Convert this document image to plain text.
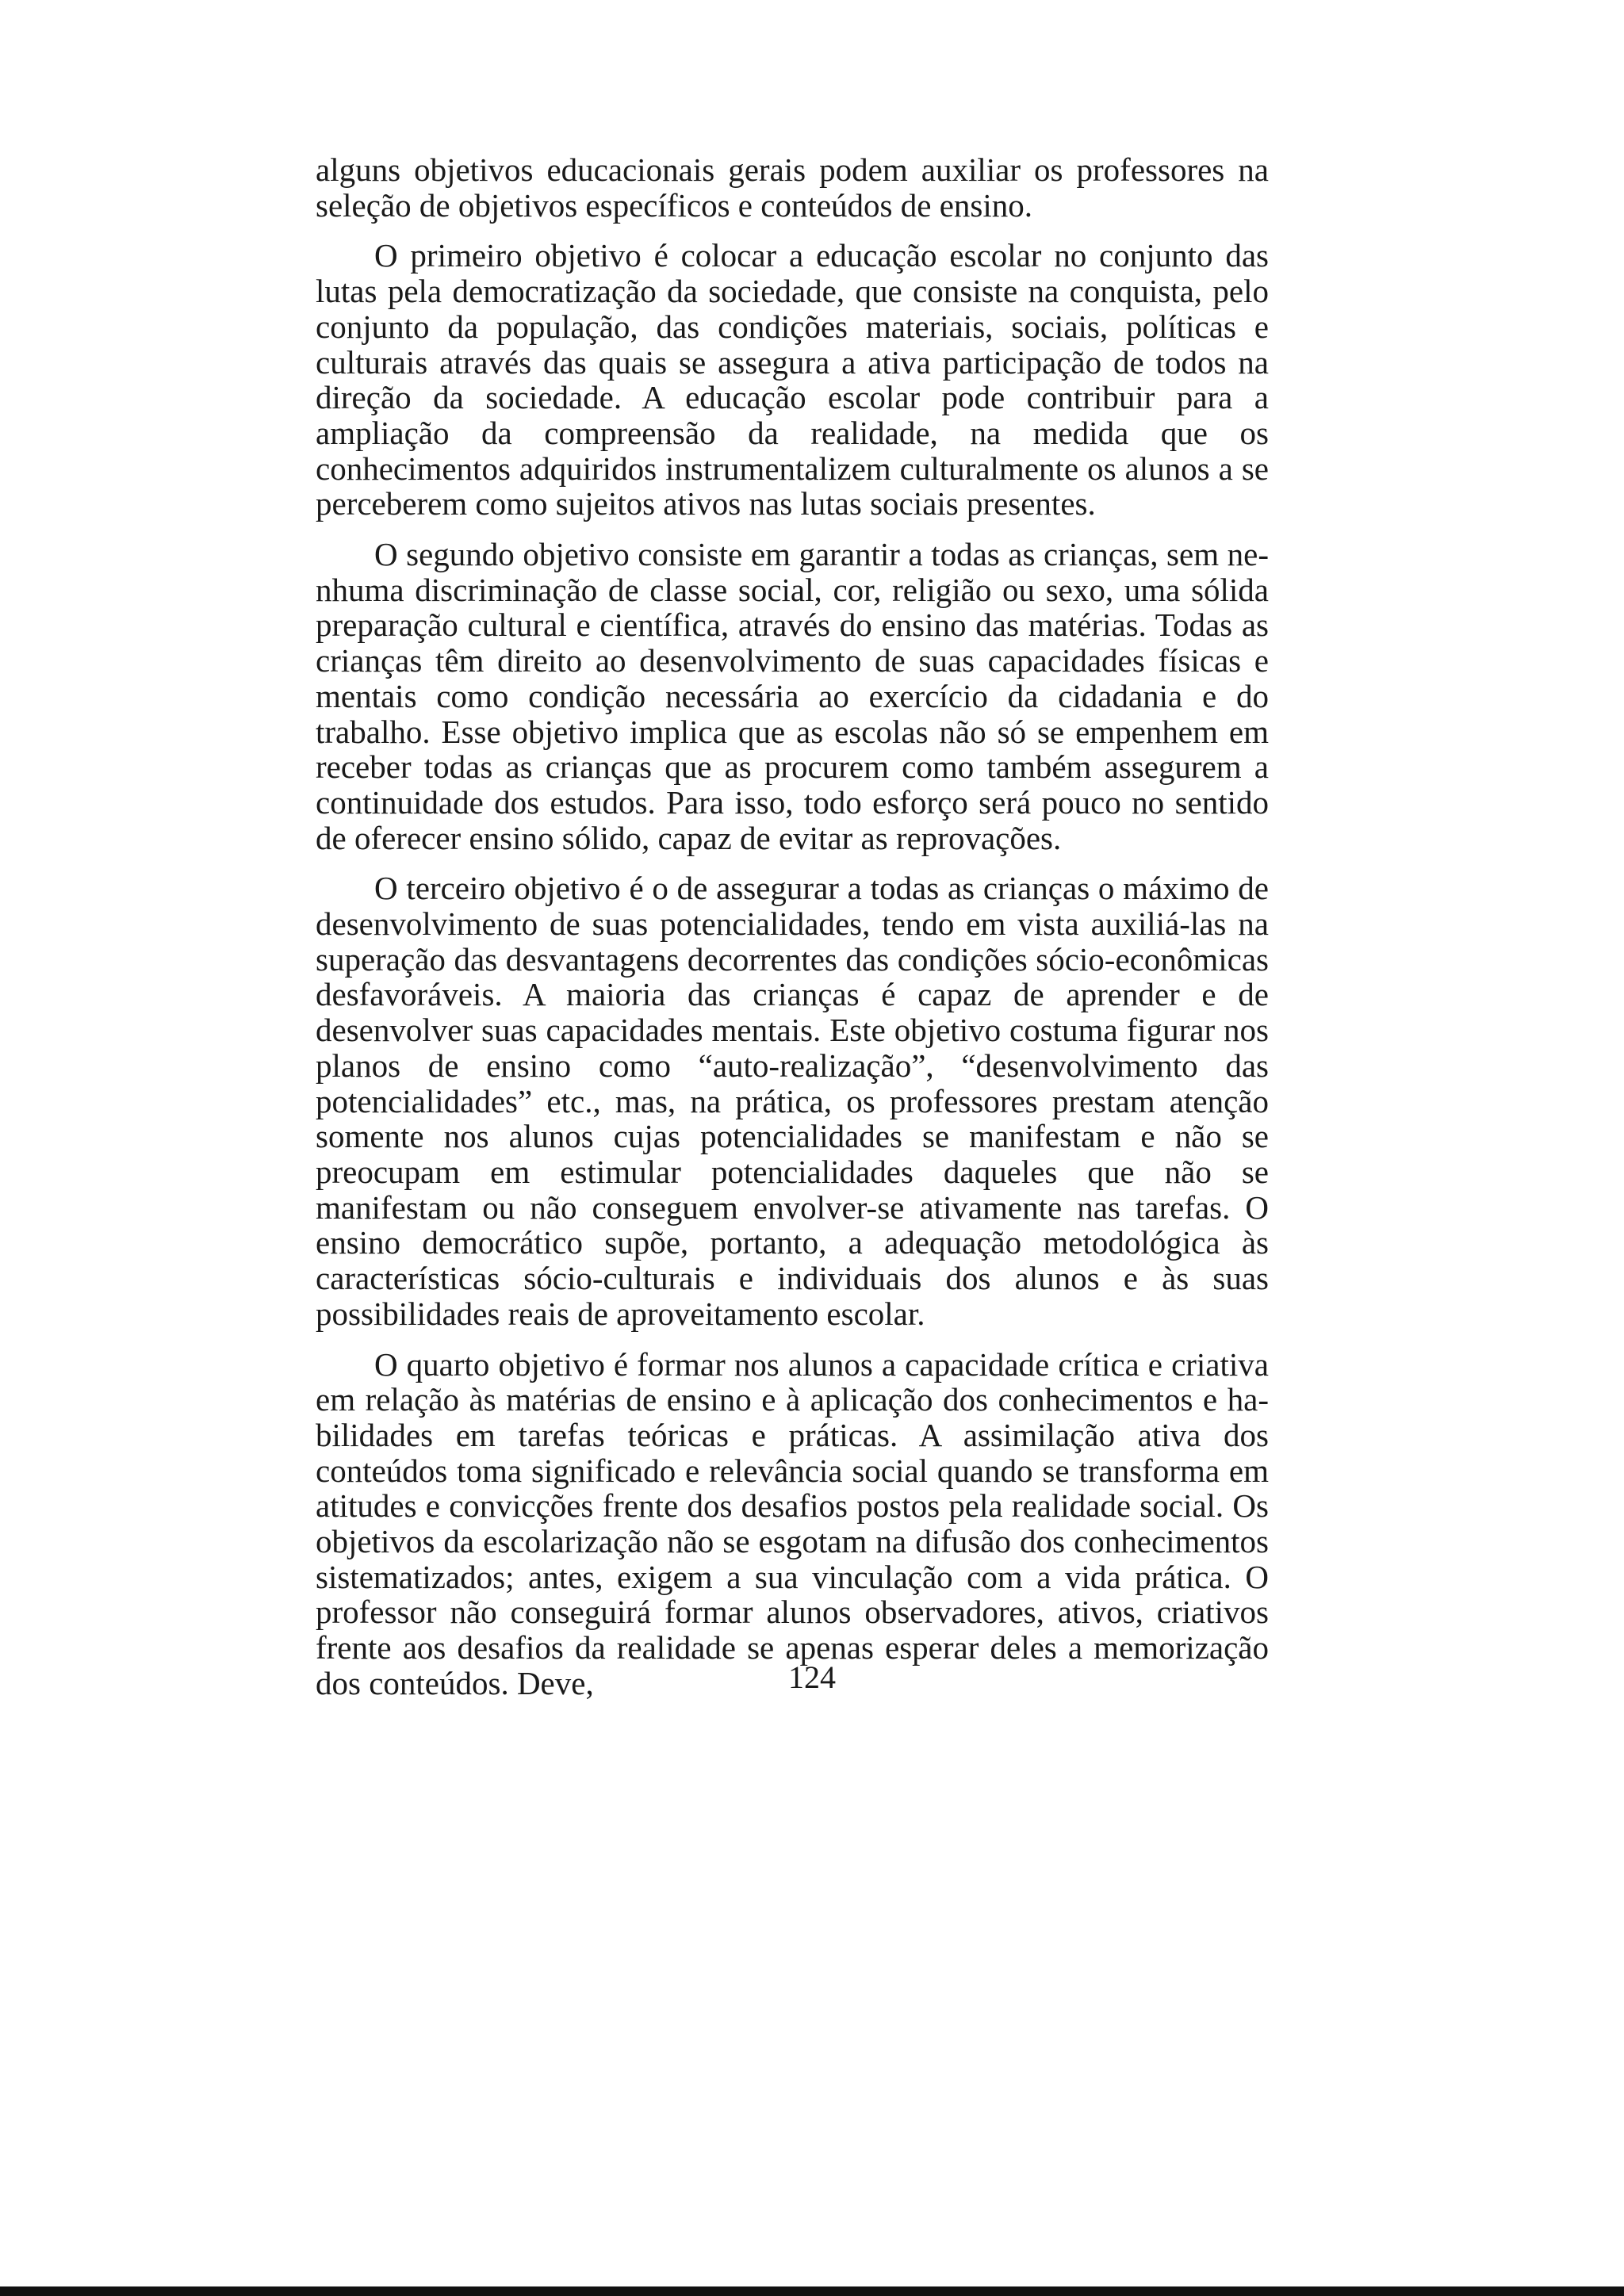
alguns objetivos educacionais gerais podem auxiliar os professores na seleção de objetivos específicos e conteúdos de ensino.

O primeiro objetivo é colocar a educação escolar no conjunto das lutas pela democratização da sociedade, que consiste na conquista, pelo conjunto da população, das condições materiais, sociais, políticas e culturais através das quais se assegura a ativa participação de todos na direção da sociedade. A educação escolar pode contribuir para a ampliação da compreensão da realidade, na medida que os conhecimentos adquiridos instrumentalizem culturalmente os alunos a se perceberem como sujeitos ativos nas lutas sociais presentes.

O segundo objetivo consiste em garantir a todas as crianças, sem nenhuma discriminação de classe social, cor, religião ou sexo, uma sólida preparação cultural e científica, através do ensino das matérias. Todas as crianças têm direito ao desenvolvimento de suas capacidades físicas e mentais como condição necessária ao exercício da cidadania e do trabalho. Esse objetivo implica que as escolas não só se empenhem em receber todas as crianças que as procurem como também assegurem a continuidade dos estudos. Para isso, todo esforço será pouco no sentido de oferecer ensino sólido, capaz de evitar as reprovações.

O terceiro objetivo é o de assegurar a todas as crianças o máximo de desenvolvimento de suas potencialidades, tendo em vista auxiliá-las na superação das desvantagens decorrentes das condições sócio-econômicas desfavoráveis. A maioria das crianças é capaz de aprender e de desenvolver suas capacidades mentais. Este objetivo costuma figurar nos planos de ensino como “auto-realização”, “desenvolvimento das potencialidades” etc., mas, na prática, os professores prestam atenção somente nos alunos cujas potencialidades se manifestam e não se preocupam em estimular potencialidades daqueles que não se manifestam ou não conseguem envolver-se ativamente nas tarefas. O ensino democrático supõe, portanto, a adequação metodológica às características sócio-culturais e individuais dos alunos e às suas possibilidades reais de aproveitamento escolar.

O quarto objetivo é formar nos alunos a capacidade crítica e criativa em relação às matérias de ensino e à aplicação dos conhecimentos e habilidades em tarefas teóricas e práticas. A assimilação ativa dos conteúdos toma significado e relevância social quando se transforma em atitudes e convicções frente dos desafios postos pela realidade social. Os objetivos da escolarização não se esgotam na difusão dos conhecimentos sistematizados; antes, exigem a sua vinculação com a vida prática. O professor não conseguirá formar alunos observadores, ativos, criativos frente aos desafios da realidade se apenas esperar deles a memorização dos conteúdos. Deve,	124
